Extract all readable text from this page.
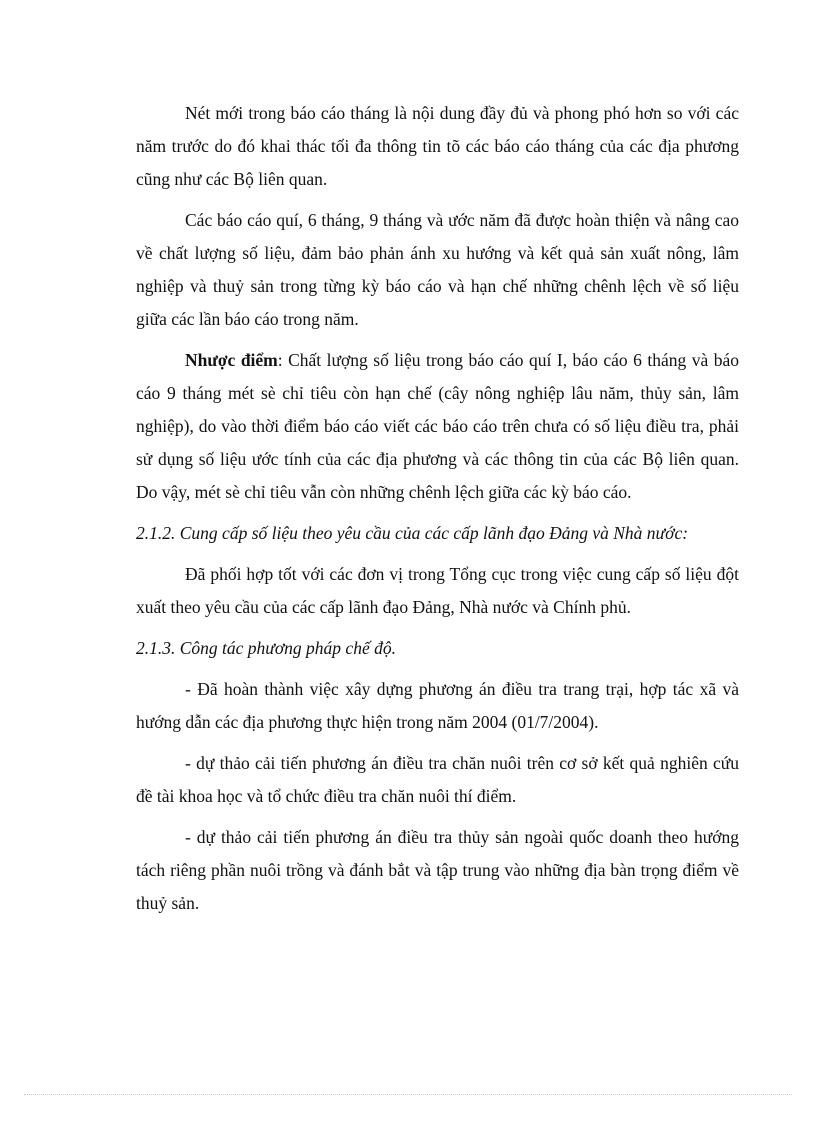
Nét mới trong báo cáo tháng là nội dung đầy đủ và phong phó hơn so với các năm trước do đó khai thác tối đa thông tin tõ các báo cáo tháng của các địa phương cũng như các Bộ liên quan.

Các báo cáo quí, 6 tháng, 9 tháng và ước năm đã được hoàn thiện và nâng cao về chất lượng số liệu, đảm bảo phản ánh xu hướng và kết quả sản xuất nông, lâm nghiệp và thuỷ sản trong từng kỳ báo cáo và hạn chế những chênh lệch về số liệu giữa các lần báo cáo trong năm.

Nhược điểm: Chất lượng số liệu trong báo cáo quí I, báo cáo 6 tháng và báo cáo 9 tháng mét sè chỉ tiêu còn hạn chế (cây nông nghiệp lâu năm, thủy sản, lâm nghiệp), do vào thời điểm báo cáo viết các báo cáo trên chưa có số liệu điều tra, phải sử dụng số liệu ước tính của các địa phương và các thông tin của các Bộ liên quan. Do vậy, mét sè chỉ tiêu vẫn còn những chênh lệch giữa các kỳ báo cáo.

2.1.2. Cung cấp số liệu theo yêu cầu của các cấp lãnh đạo Đảng và Nhà nước:

Đã phối hợp tốt với các đơn vị trong Tổng cục trong việc cung cấp số liệu đột xuất theo yêu cầu của các cấp lãnh đạo Đảng, Nhà nước và Chính phủ.

2.1.3. Công tác phương pháp chế độ.

- Đã hoàn thành việc xây dựng phương án điều tra trang trại, hợp tác xã và hướng dẫn các địa phương thực hiện trong năm 2004 (01/7/2004).

- dự thảo cải tiến phương án điều tra chăn nuôi trên cơ sở kết quả nghiên cứu đề tài khoa học và tổ chức điều tra chăn nuôi thí điểm.

- dự thảo cải tiến phương án điều tra thủy sản ngoài quốc doanh theo hướng tách riêng phần nuôi trồng và đánh bắt và tập trung vào những địa bàn trọng điểm về thuỷ sản.
